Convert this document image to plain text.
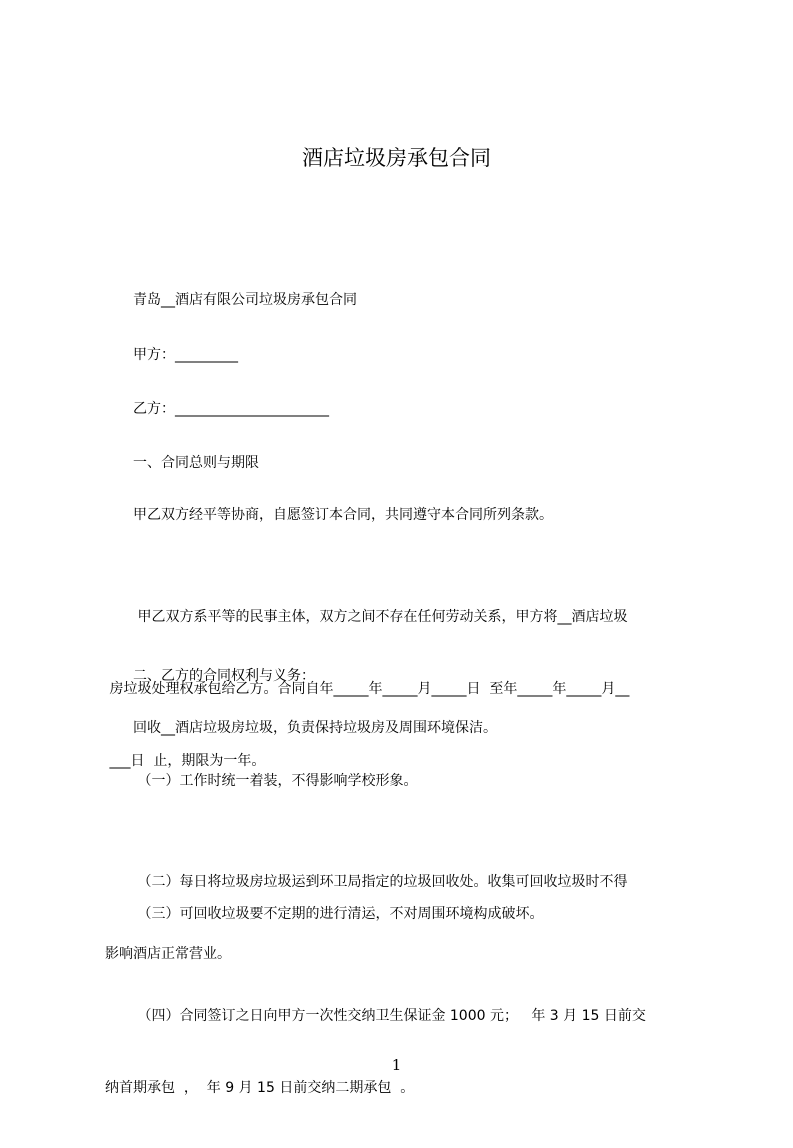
酒店垃圾房承包合同
　　青岛__酒店有限公司垃圾房承包合同
　　甲方：_________
　　乙方：______________________
　　一、合同总则与期限
　　甲乙双方经平等协商，自愿签订本合同，共同遵守本合同所列条款。

　　 甲乙双方系平等的民事主体，双方之间不存在任何劳动关系，甲方将__酒店垃圾

房垃圾处理权承包给乙方。合同自年_____年_____月_____日  至年_____年_____月__

___日  止，期限为一年。

　　二、乙方的合同权利与义务：
　　回收__酒店垃圾房垃圾，负责保持垃圾房及周围环境保洁。
　　 （一）工作时统一着装，不得影响学校形象。

　　 （二）每日将垃圾房垃圾运到环卫局指定的垃圾回收处。收集可回收垃圾时不得

影响酒店正常营业。

　　 （三）可回收垃圾要不定期的进行清运，不对周围环境构成破坏。

　　 （四）合同签订之日向甲方一次性交纳卫生保证金 1000 元；   年 3 月 15 日前交

纳首期承包  ，  年 9 月 15 日前交纳二期承包  。

1
